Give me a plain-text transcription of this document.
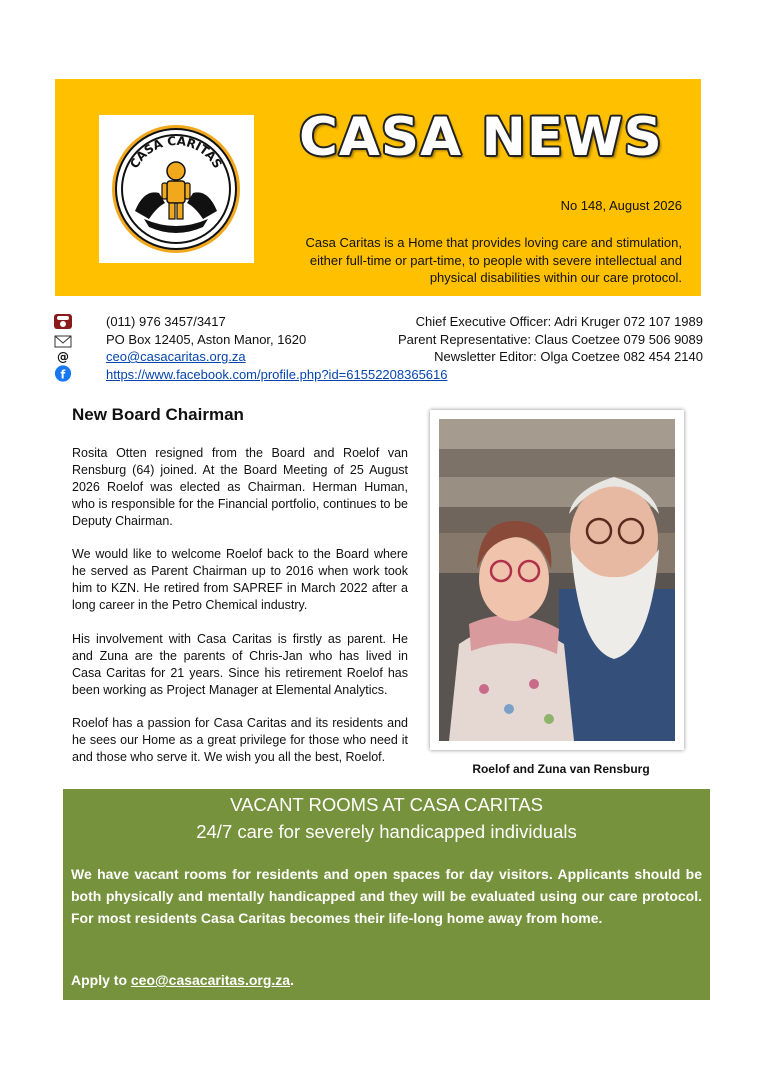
CASA CARITAS CASA NEWS
No 148, August 2026
Casa Caritas is a Home that provides loving care and stimulation, either full-time or part-time, to people with severe intellectual and physical disabilities within our care protocol.
@
f
(011) 976 3457/3417
PO Box 12405, Aston Manor, 1620
ceo@casacaritas.org.za
https://www.facebook.com/profile.php?id=61552208365616
Chief Executive Officer: Adri Kruger 072 107 1989
Parent Representative: Claus Coetzee 079 506 9089
Newsletter Editor: Olga Coetzee 082 454 2140
New Board Chairman

Rosita Otten resigned from the Board and Roelof van Rensburg (64) joined. At the Board Meeting of 25 August 2026 Roelof was elected as Chairman. Herman Human, who is responsible for the Financial portfolio, continues to be Deputy Chairman.

We would like to welcome Roelof back to the Board where he served as Parent Chairman up to 2016 when work took him to KZN. He retired from SAPREF in March 2022 after a long career in the Petro Chemical industry.

His involvement with Casa Caritas is firstly as parent. He and Zuna are the parents of Chris-Jan who has lived in Casa Caritas for 21 years. Since his retirement Roelof has been working as Project Manager at Elemental Analytics.

Roelof has a passion for Casa Caritas and its residents and he sees our Home as a great privilege for those who need it and those who serve it. We wish you all the best, Roelof.

Roelof and Zuna van Rensburg
VACANT ROOMS AT CASA CARITAS
24/7 care for severely handicapped individuals
We have vacant rooms for residents and open spaces for day visitors. Applicants should be both physically and mentally handicapped and they will be evaluated using our care protocol. For most residents Casa Caritas becomes their life-long home away from home.
Apply to ceo@casacaritas.org.za.
